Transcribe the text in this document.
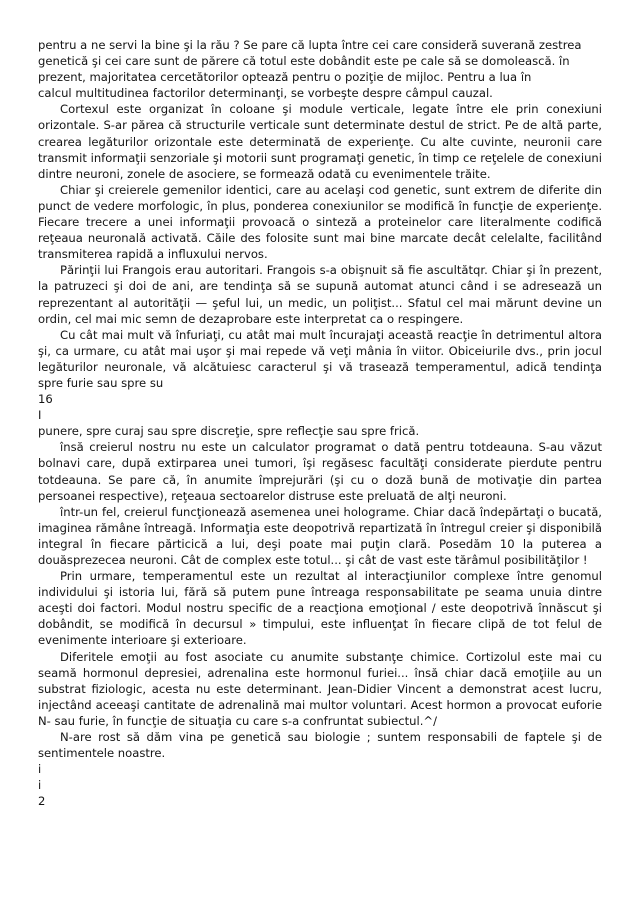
pentru a ne servi la bine şi la rău ? Se pare că lupta între cei care consideră suverană zestrea genetică şi cei care sunt de părere că totul este dobândit este pe cale să se domolească. în prezent, majoritatea cercetătorilor optează pentru o poziţie de mijloc. Pentru a lua în

calcul multitudinea factorilor determinanţi, se vorbeşte despre câmpul cauzal.

Cortexul este organizat în coloane şi module verticale, legate între ele prin conexiuni orizontale. S-ar părea că structurile verticale sunt determinate destul de strict. Pe de altă parte, crearea legăturilor orizontale este determinată de experienţe. Cu alte cuvinte, neuronii care transmit informaţii senzoriale şi motorii sunt programaţi genetic, în timp ce reţelele de conexiuni dintre neuroni, zonele de asociere, se formează odată cu evenimentele trăite.

Chiar şi creierele gemenilor identici, care au acelaşi cod genetic, sunt extrem de diferite din punct de vedere morfologic, în plus, ponderea conexiunilor se modifică în funcţie de experienţe. Fiecare trecere a unei informaţii provoacă o sinteză a proteinelor care literalmente codifică reţeaua neuronală activată. Căile des folosite sunt mai bine marcate decât celelalte, facilitând transmiterea rapidă a influxului nervos.

Părinţii lui Frangois erau autoritari. Frangois s-a obişnuit să fie ascultătqr. Chiar şi în prezent, la patruzeci şi doi de ani, are tendinţa să se supună automat atunci când i se adresează un reprezentant al autorităţii — şeful lui, un medic, un poliţist... Sfatul cel mai mărunt devine un ordin, cel mai mic semn de dezaprobare este interpretat ca o respingere.

Cu cât mai mult vă înfuriaţi, cu atât mai mult încurajaţi această reacţie în detrimentul altora şi, ca urmare, cu atât mai uşor şi mai repede vă veţi mânia în viitor. Obiceiurile dvs., prin jocul legăturilor neuronale, vă alcătuiesc caracterul şi vă trasează temperamentul, adică tendinţa spre furie sau spre su

16

I

punere, spre curaj sau spre discreţie, spre reflecţie sau spre frică.

însă creierul nostru nu este un calculator programat o dată pentru totdeauna. S-au văzut bolnavi care, după extirparea unei tumori, îşi regăsesc facultăţi considerate pierdute pentru totdeauna. Se pare că, în anumite împrejurări (şi cu o doză bună de motivaţie din partea persoanei respective), reţeaua sectoarelor distruse este preluată de alţi neuroni.

într-un fel, creierul funcţionează asemenea unei holograme. Chiar dacă îndepărtaţi o bucată, imaginea rămâne întreagă. Informaţia este deopotrivă repartizată în întregul creier şi disponibilă integral în fiecare părticică a lui, deşi poate mai puţin clară. Posedăm 10 la puterea a douăsprezecea neuroni. Cât de complex este totul... şi cât de vast este tărâmul posibilităţilor !

Prin urmare, temperamentul este un rezultat al interacţiunilor complexe între genomul individului şi istoria lui, fără să putem pune întreaga responsabilitate pe seama unuia dintre aceşti doi factori. Modul nostru specific de a reacţiona emoţional / este deopotrivă înnăscut şi dobândit, se modifică în decursul » timpului, este influenţat în fiecare clipă de tot felul de evenimente interioare şi exterioare.

Diferitele emoţii au fost asociate cu anumite substanţe chimice. Cortizolul este mai cu seamă hormonul depresiei, adrenalina este hormonul furiei... însă chiar dacă emoţiile au un substrat fiziologic, acesta nu este determinant. Jean-Didier Vincent a demonstrat acest lucru, injectând aceeaşi cantitate de adrenalină mai multor voluntari. Acest hormon a provocat euforie N- sau furie, în funcţie de situaţia cu care s-a confruntat subiectul.^/

N-are rost să dăm vina pe genetică sau biologie ; suntem responsabili de faptele şi de sentimentele noastre.

i

i

2
